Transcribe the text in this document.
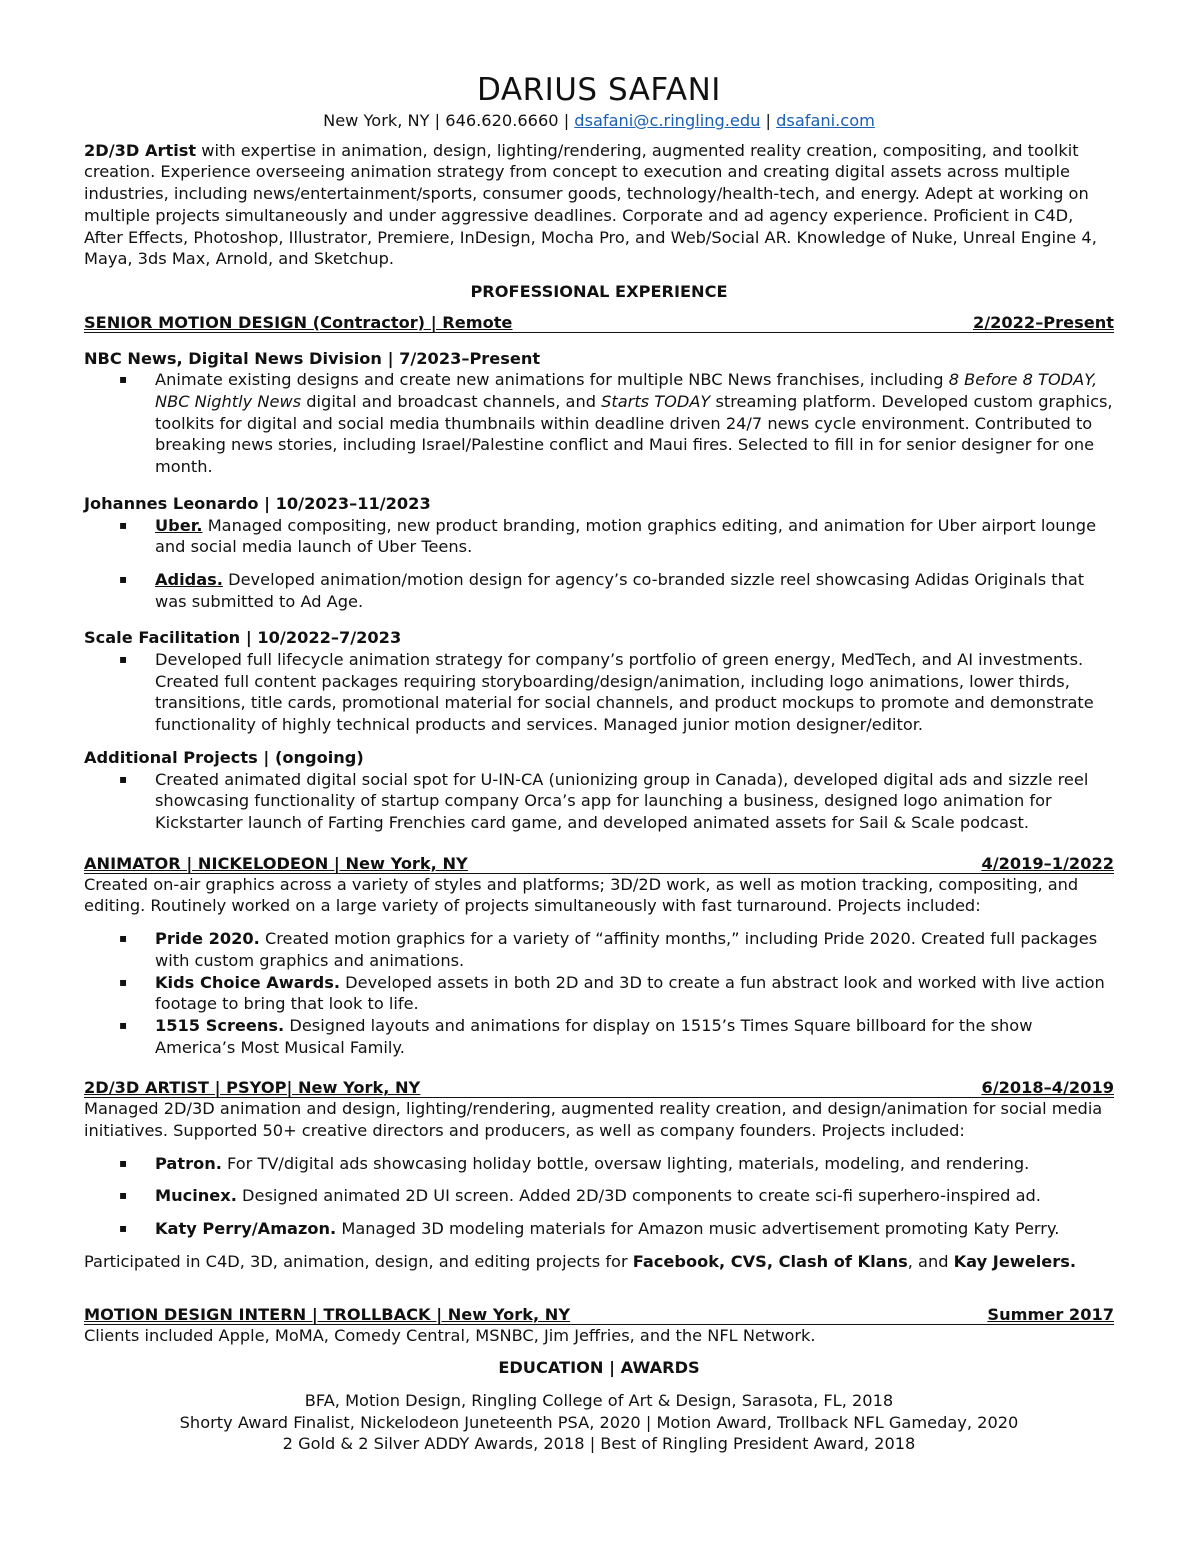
DARIUS SAFANI

New York, NY | 646.620.6660 | dsafani@c.ringling.edu | dsafani.com

2D/3D Artist with expertise in animation, design, lighting/rendering, augmented reality creation, compositing, and toolkit creation. Experience overseeing animation strategy from concept to execution and creating digital assets across multiple industries, including news/entertainment/sports, consumer goods, technology/health-tech, and energy. Adept at working on multiple projects simultaneously and under aggressive deadlines. Corporate and ad agency experience. Proficient in C4D, After Effects, Photoshop, Illustrator, Premiere, InDesign, Mocha Pro, and Web/Social AR. Knowledge of Nuke, Unreal Engine 4, Maya, 3ds Max, Arnold, and Sketchup.

PROFESSIONAL EXPERIENCE

SENIOR MOTION DESIGN (Contractor) | Remote	2/2022–Present

NBC News, Digital News Division | 7/2023–Present

▪ Animate existing designs and create new animations for multiple NBC News franchises, including 8 Before 8 TODAY, NBC Nightly News digital and broadcast channels, and Starts TODAY streaming platform. Developed custom graphics, toolkits for digital and social media thumbnails within deadline driven 24/7 news cycle environment. Contributed to breaking news stories, including Israel/Palestine conflict and Maui fires. Selected to fill in for senior designer for one month.

Johannes Leonardo | 10/2023–11/2023

▪ Uber. Managed compositing, new product branding, motion graphics editing, and animation for Uber airport lounge and social media launch of Uber Teens.
▪ Adidas. Developed animation/motion design for agency’s co-branded sizzle reel showcasing Adidas Originals that was submitted to Ad Age.

Scale Facilitation | 10/2022–7/2023

▪ Developed full lifecycle animation strategy for company’s portfolio of green energy, MedTech, and AI investments. Created full content packages requiring storyboarding/design/animation, including logo animations, lower thirds, transitions, title cards, promotional material for social channels, and product mockups to promote and demonstrate functionality of highly technical products and services. Managed junior motion designer/editor.

Additional Projects | (ongoing)

▪ Created animated digital social spot for U-IN-CA (unionizing group in Canada), developed digital ads and sizzle reel showcasing functionality of startup company Orca’s app for launching a business, designed logo animation for Kickstarter launch of Farting Frenchies card game, and developed animated assets for Sail & Scale podcast.
ANIMATOR | NICKELODEON | New York, NY	4/2019–1/2022

Created on-air graphics across a variety of styles and platforms; 3D/2D work, as well as motion tracking, compositing, and editing. Routinely worked on a large variety of projects simultaneously with fast turnaround. Projects included:

▪ Pride 2020. Created motion graphics for a variety of “affinity months,” including Pride 2020. Created full packages with custom graphics and animations.
▪ Kids Choice Awards. Developed assets in both 2D and 3D to create a fun abstract look and worked with live action footage to bring that look to life.
▪ 1515 Screens. Designed layouts and animations for display on 1515’s Times Square billboard for the show America’s Most Musical Family.
2D/3D ARTIST | PSYOP| New York, NY	6/2018–4/2019

Managed 2D/3D animation and design, lighting/rendering, augmented reality creation, and design/animation for social media initiatives. Supported 50+ creative directors and producers, as well as company founders. Projects included:

▪ Patron. For TV/digital ads showcasing holiday bottle, oversaw lighting, materials, modeling, and rendering.
▪ Mucinex. Designed animated 2D UI screen. Added 2D/3D components to create sci-fi superhero-inspired ad.
▪ Katy Perry/Amazon. Managed 3D modeling materials for Amazon music advertisement promoting Katy Perry.

Participated in C4D, 3D, animation, design, and editing projects for Facebook, CVS, Clash of Klans, and Kay Jewelers.

MOTION DESIGN INTERN | TROLLBACK | New York, NY	Summer 2017

Clients included Apple, MoMA, Comedy Central, MSNBC, Jim Jeffries, and the NFL Network.

EDUCATION | AWARDS

BFA, Motion Design, Ringling College of Art & Design, Sarasota, FL, 2018

Shorty Award Finalist, Nickelodeon Juneteenth PSA, 2020 | Motion Award, Trollback NFL Gameday, 2020

2 Gold & 2 Silver ADDY Awards, 2018 | Best of Ringling President Award, 2018
